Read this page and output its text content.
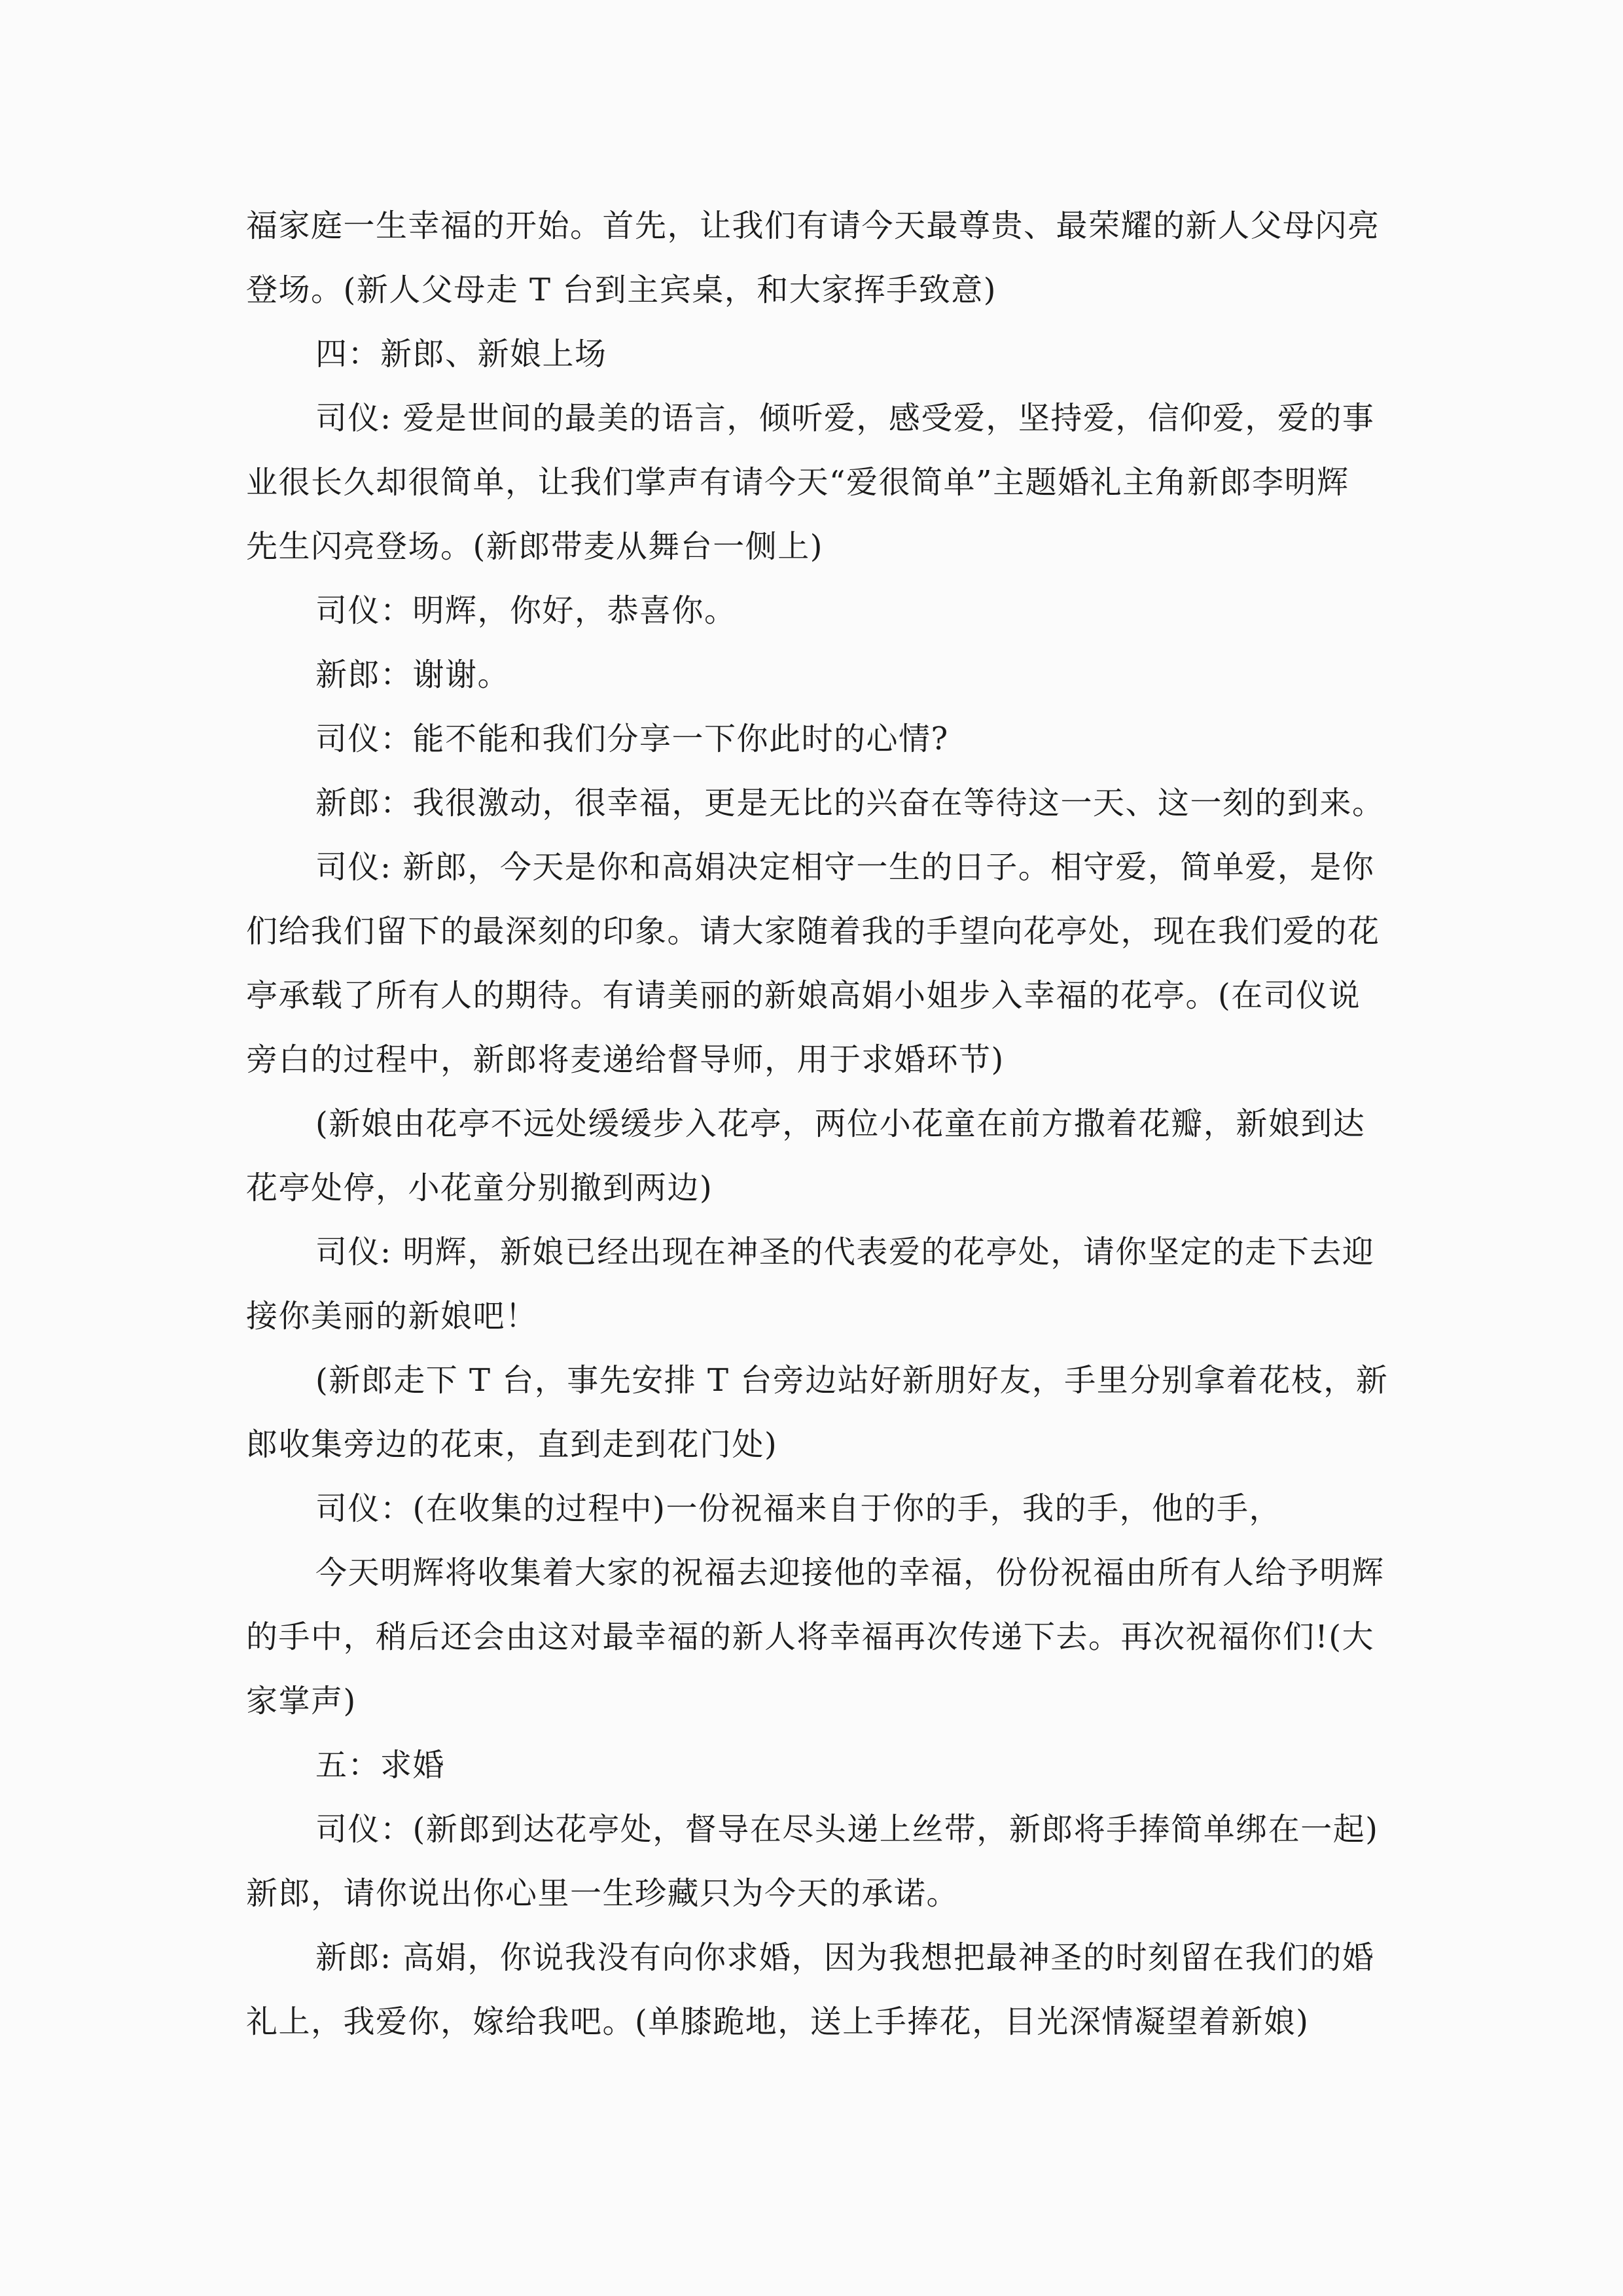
福家庭一生幸福的开始。首先，让我们有请今天最尊贵、最荣耀的新人父母闪亮
登场。(新人父母走 T 台到主宾桌，和大家挥手致意)
四：新郎、新娘上场
司仪: 爱是世间的最美的语言，倾听爱，感受爱，坚持爱，信仰爱，爱的事
业很长久却很简单，让我们掌声有请今天“爱很简单”主题婚礼主角新郎李明辉
先生闪亮登场。(新郎带麦从舞台一侧上)
司仪：明辉，你好，恭喜你。
新郎：谢谢。
司仪：能不能和我们分享一下你此时的心情?
新郎：我很激动，很幸福，更是无比的兴奋在等待这一天、这一刻的到来。
司仪: 新郎，今天是你和高娟决定相守一生的日子。相守爱，简单爱，是你
们给我们留下的最深刻的印象。请大家随着我的手望向花亭处，现在我们爱的花
亭承载了所有人的期待。有请美丽的新娘高娟小姐步入幸福的花亭。(在司仪说
旁白的过程中，新郎将麦递给督导师，用于求婚环节)
(新娘由花亭不远处缓缓步入花亭，两位小花童在前方撒着花瓣，新娘到达
花亭处停，小花童分别撤到两边)
司仪: 明辉，新娘已经出现在神圣的代表爱的花亭处，请你坚定的走下去迎
接你美丽的新娘吧！
(新郎走下 T 台，事先安排 T 台旁边站好新朋好友，手里分别拿着花枝，新
郎收集旁边的花束，直到走到花门处)
司仪：(在收集的过程中)一份祝福来自于你的手，我的手，他的手，
今天明辉将收集着大家的祝福去迎接他的幸福，份份祝福由所有人给予明辉
的手中，稍后还会由这对最幸福的新人将幸福再次传递下去。再次祝福你们!(大
家掌声)
五：求婚
司仪：(新郎到达花亭处，督导在尽头递上丝带，新郎将手捧简单绑在一起)
新郎，请你说出你心里一生珍藏只为今天的承诺。
新郎: 高娟，你说我没有向你求婚，因为我想把最神圣的时刻留在我们的婚
礼上，我爱你，嫁给我吧。(单膝跪地，送上手捧花，目光深情凝望着新娘)
